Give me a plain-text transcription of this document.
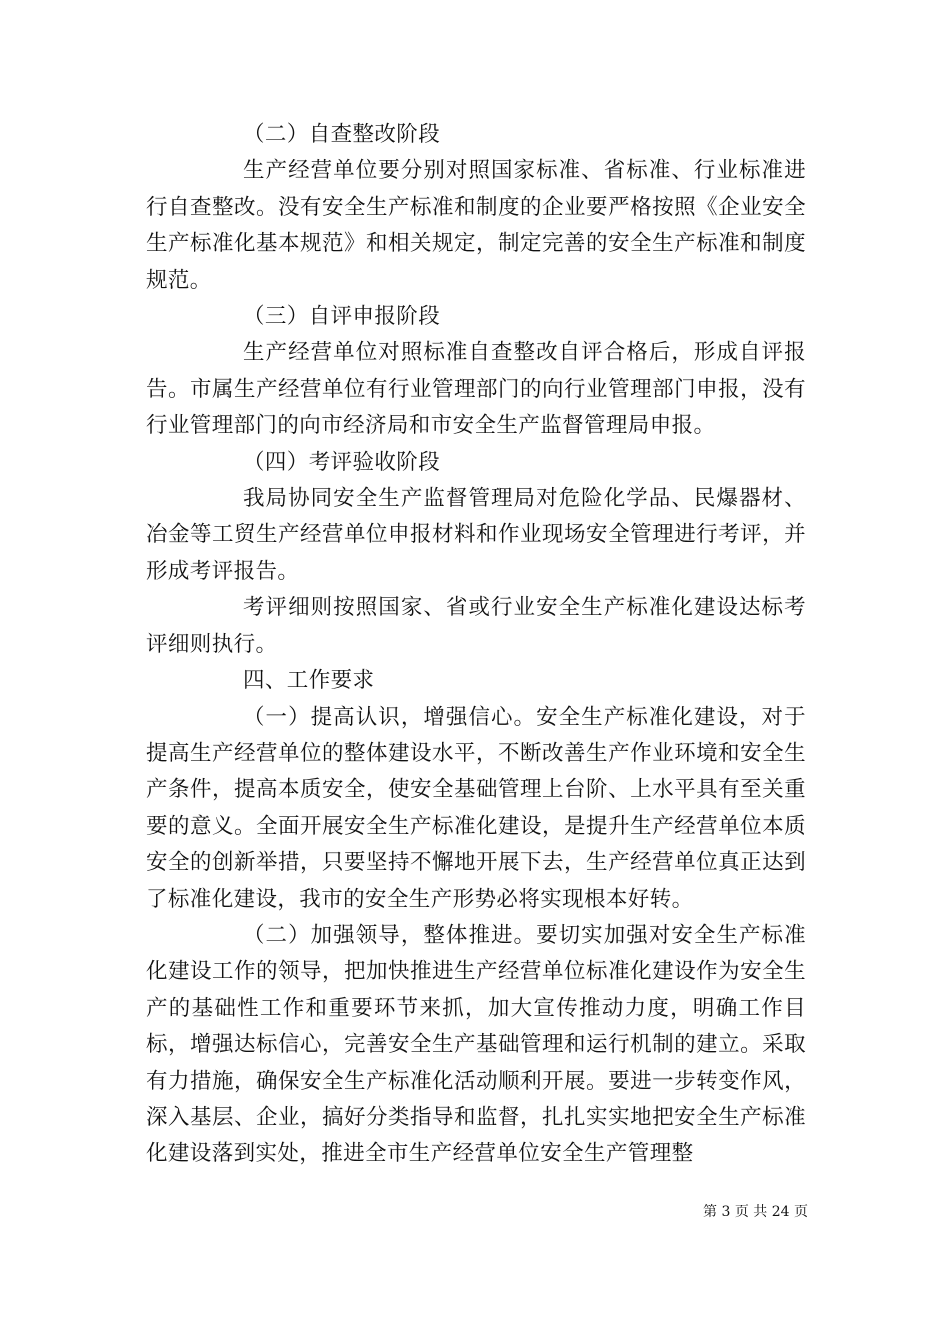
（二）自查整改阶段

生产经营单位要分别对照国家标准、省标准、行业标准进行自查整改。没有安全生产标准和制度的企业要严格按照《企业安全生产标准化基本规范》和相关规定，制定完善的安全生产标准和制度规范。

（三）自评申报阶段

生产经营单位对照标准自查整改自评合格后，形成自评报告。市属生产经营单位有行业管理部门的向行业管理部门申报，没有行业管理部门的向市经济局和市安全生产监督管理局申报。

（四）考评验收阶段

我局协同安全生产监督管理局对危险化学品、民爆器材、冶金等工贸生产经营单位申报材料和作业现场安全管理进行考评，并形成考评报告。

考评细则按照国家、省或行业安全生产标准化建设达标考评细则执行。

四、工作要求

（一）提高认识，增强信心。安全生产标准化建设，对于提高生产经营单位的整体建设水平，不断改善生产作业环境和安全生产条件，提高本质安全，使安全基础管理上台阶、上水平具有至关重要的意义。全面开展安全生产标准化建设，是提升生产经营单位本质安全的创新举措，只要坚持不懈地开展下去，生产经营单位真正达到了标准化建设，我市的安全生产形势必将实现根本好转。

（二）加强领导，整体推进。要切实加强对安全生产标准化建设工作的领导，把加快推进生产经营单位标准化建设作为安全生产的基础性工作和重要环节来抓，加大宣传推动力度，明确工作目标，增强达标信心，完善安全生产基础管理和运行机制的建立。采取有力措施，确保安全生产标准化活动顺利开展。要进一步转变作风，深入基层、企业，搞好分类指导和监督，扎扎实实地把安全生产标准化建设落到实处，推进全市生产经营单位安全生产管理整

第 3 页 共 24 页
